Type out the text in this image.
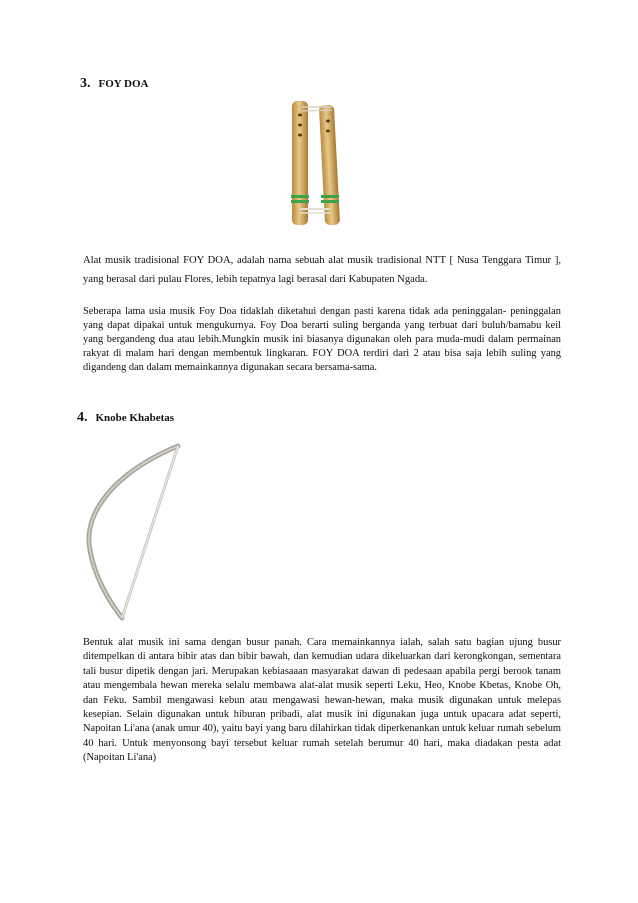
3. FOY DOA

Alat musik tradisional FOY DOA, adalah nama sebuah alat musik tradisional NTT [ Nusa Tenggara Timur ], yang berasal dari pulau Flores, lebih tepatnya lagi berasal dari Kabupaten Ngada.

Seberapa lama usia musik Foy Doa tidaklah diketahui dengan pasti karena tidak ada peninggalan- peninggalan yang dapat dipakai untuk mengukurnya. Foy Doa berarti suling berganda yang terbuat dari buluh/bamabu keil yang bergandeng dua atau lebih.Mungkin musik ini biasanya digunakan oleh para muda-mudi dalam permainan rakyat di malam hari dengan membentuk lingkaran. FOY DOA terdiri dari 2 atau bisa saja lebih suling yang digandeng dan dalam memainkannya digunakan secara bersama-sama.

4. Knobe Khabetas

Bentuk alat musik ini sama dengan busur panah. Cara memainkannya ialah, salah satu bagian ujung busur ditempelkan di antara bibir atas dan bibir bawah, dan kemudian udara dikeluarkan dari kerongkongan, sementara tali busur dipetik dengan jari. Merupakan kebiasaaan masyarakat dawan di pedesaan apabila pergi berook tanam atau mengembala hewan mereka selalu membawa alat-alat musik seperti Leku, Heo, Knobe Kbetas, Knobe Oh, dan Feku. Sambil mengawasi kebun atau mengawasi hewan-hewan, maka musik digunakan untuk melepas kesepian. Selain digunakan untuk hiburan pribadi, alat musik ini digunakan juga untuk upacara adat seperti, Napoitan Li'ana (anak umur 40), yaitu bayi yang baru dilahirkan tidak diperkenankan untuk keluar rumah sebelum 40 hari. Untuk menyonsong bayi tersebut keluar rumah setelah berumur 40 hari, maka diadakan pesta adat (Napoitan Li'ana)
